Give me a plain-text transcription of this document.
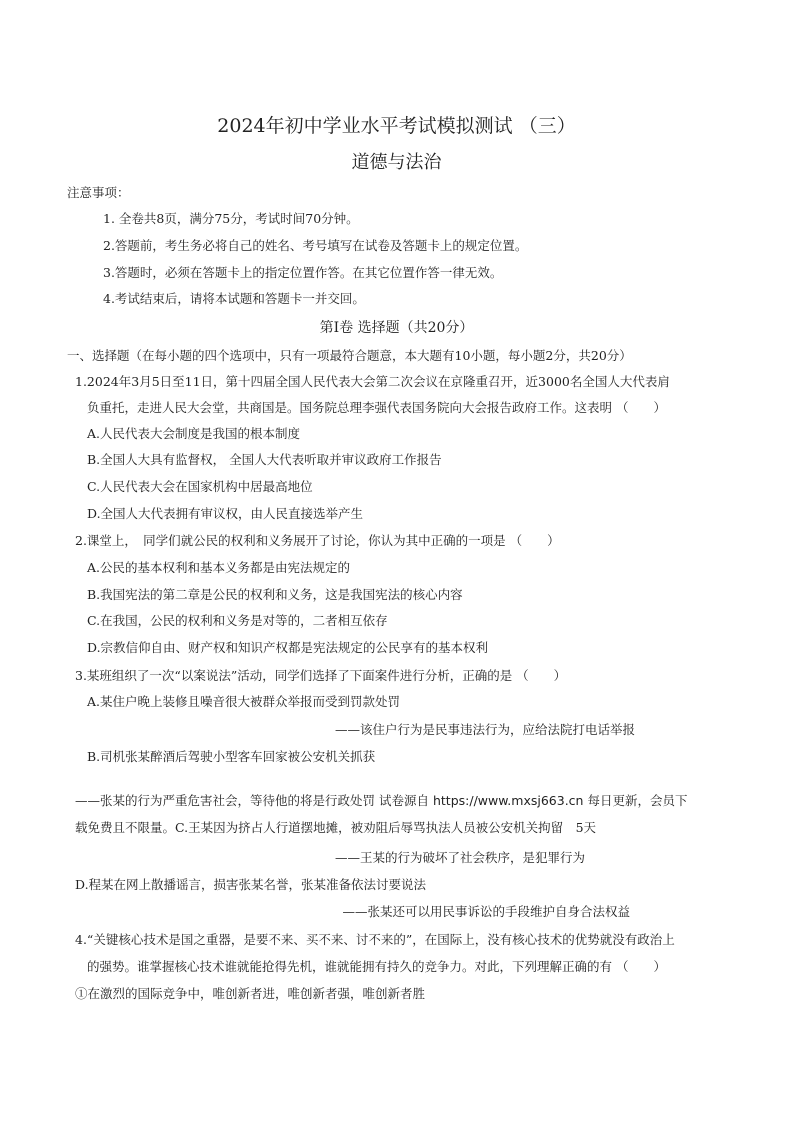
2024年初中学业水平考试模拟测试 （三）
道德与法治
注意事项：
1. 全卷共8页，满分75分，考试时间70分钟。
2.答题前，考生务必将自己的姓名、考号填写在试卷及答题卡上的规定位置。
3.答题时，必须在答题卡上的指定位置作答。在其它位置作答一律无效。
4.考试结束后，请将本试题和答题卡一并交回。
第Ⅰ卷 选择题（共20分）
一、选择题（在每小题的四个选项中，只有一项最符合题意，本大题有10小题，每小题2分，共20分）
1.2024年3月5日至11日，第十四届全国人民代表大会第二次会议在京隆重召开，近3000名全国人大代表肩
负重托，走进人民大会堂，共商国是。国务院总理李强代表国务院向大会报告政府工作。这表明 （　　）
A.人民代表大会制度是我国的根本制度
B.全国人大具有监督权， 全国人大代表听取并审议政府工作报告
C.人民代表大会在国家机构中居最高地位
D.全国人大代表拥有审议权，由人民直接选举产生
2.课堂上，　同学们就公民的权利和义务展开了讨论，你认为其中正确的一项是 （　　）
A.公民的基本权利和基本义务都是由宪法规定的
B.我国宪法的第二章是公民的权利和义务，这是我国宪法的核心内容
C.在我国，公民的权利和义务是对等的，二者相互依存
D.宗教信仰自由、财产权和知识产权都是宪法规定的公民享有的基本权利
3.某班组织了一次“以案说法”活动，同学们选择了下面案件进行分析，正确的是 （　　）
A.某住户晚上装修且噪音很大被群众举报而受到罚款处罚
——该住户行为是民事违法行为，应给法院打电话举报
B.司机张某醉酒后驾驶小型客车回家被公安机关抓获
——张某的行为严重危害社会，等待他的将是行政处罚 试卷源自 https://www.mxsj663.cn 每日更新，会员下
载免费且不限量。C.王某因为挤占人行道摆地摊，被劝阻后辱骂执法人员被公安机关拘留　5天
——王某的行为破坏了社会秩序，是犯罪行为
D.程某在网上散播谣言，损害张某名誉，张某准备依法讨要说法
——张某还可以用民事诉讼的手段维护自身合法权益
4.“关键核心技术是国之重器，是要不来、买不来、讨不来的”，在国际上，没有核心技术的优势就没有政治上
的强势。谁掌握核心技术谁就能抢得先机，谁就能拥有持久的竞争力。对此，下列理解正确的有 （　　）
①在激烈的国际竞争中，唯创新者进，唯创新者强，唯创新者胜
